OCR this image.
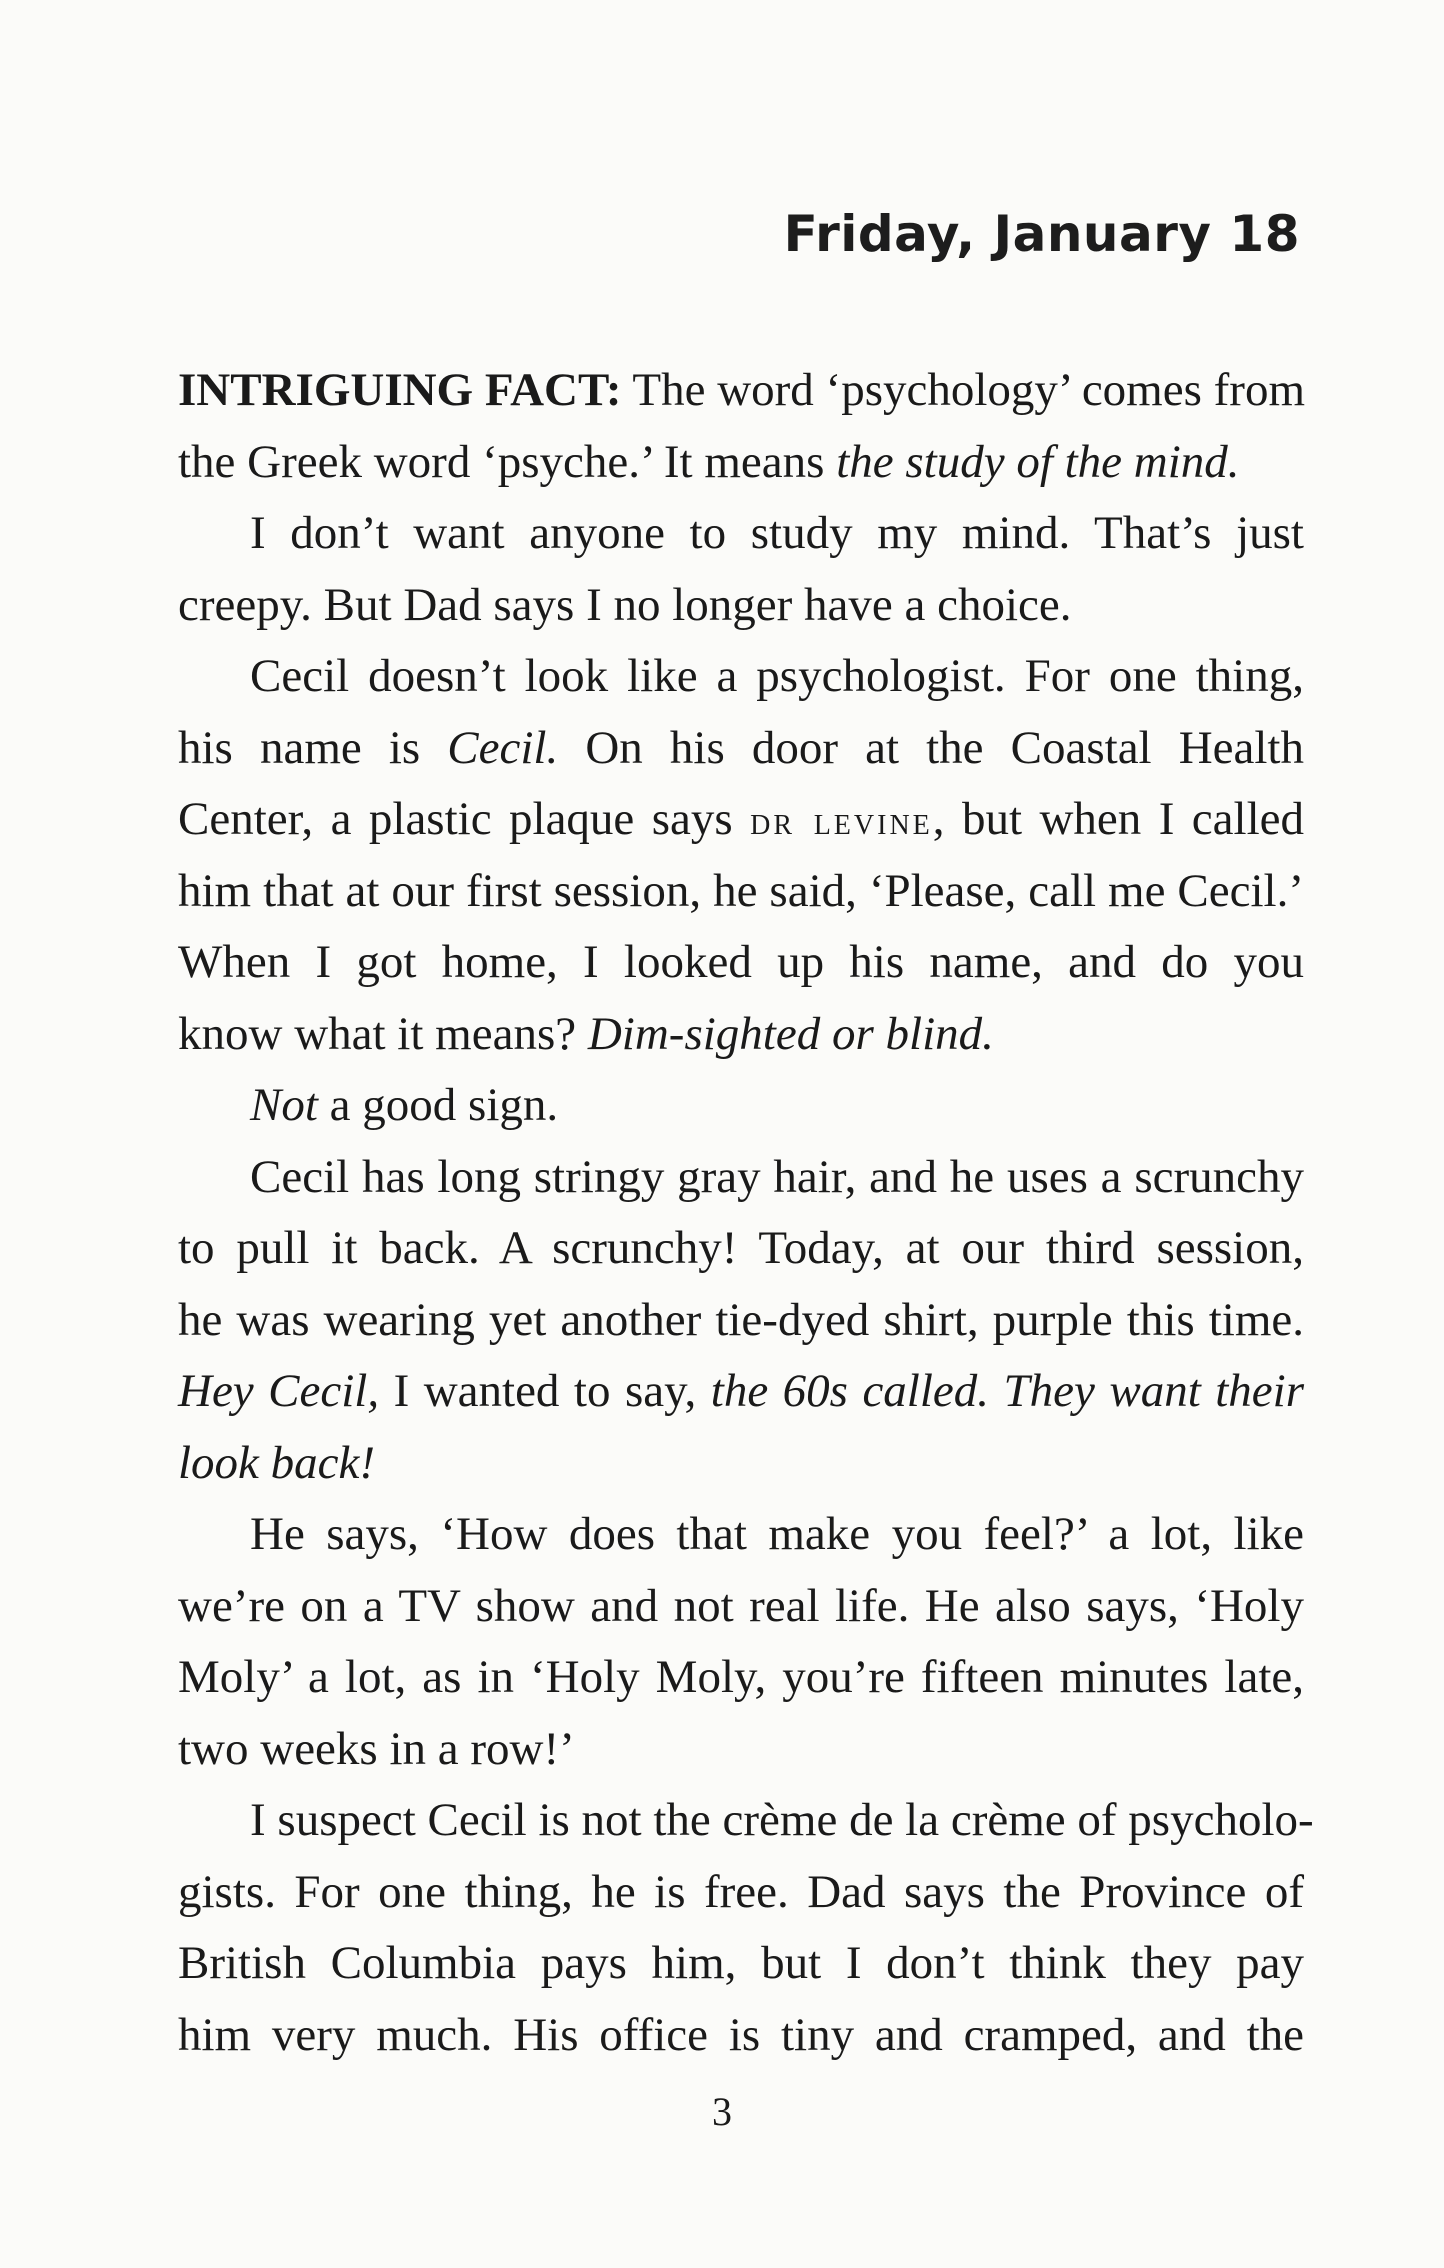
Friday, January 18
INTRIGUING FACT: The word ‘psychology’ comes from
the Greek word ‘psyche.’ It means the study of the mind.
I don’t want anyone to study my mind. That’s just
creepy. But Dad says I no longer have a choice.
Cecil doesn’t look like a psychologist. For one thing,
his name is Cecil. On his door at the Coastal Health
Center, a plastic plaque says dr levine, but when I called
him that at our first session, he said, ‘Please, call me Cecil.’
When I got home, I looked up his name, and do you
know what it means? Dim-sighted or blind.
Not a good sign.
Cecil has long stringy gray hair, and he uses a scrunchy
to pull it back. A scrunchy! Today, at our third session,
he was wearing yet another tie-dyed shirt, purple this time.
Hey Cecil, I wanted to say, the 60s called. They want their
look back!
He says, ‘How does that make you feel?’ a lot, like
we’re on a TV show and not real life. He also says, ‘Holy
Moly’ a lot, as in ‘Holy Moly, you’re fifteen minutes late,
two weeks in a row!’
I suspect Cecil is not the crème de la crème of psycholo-
gists. For one thing, he is free. Dad says the Province of
British Columbia pays him, but I don’t think they pay
him very much. His office is tiny and cramped, and the
3
